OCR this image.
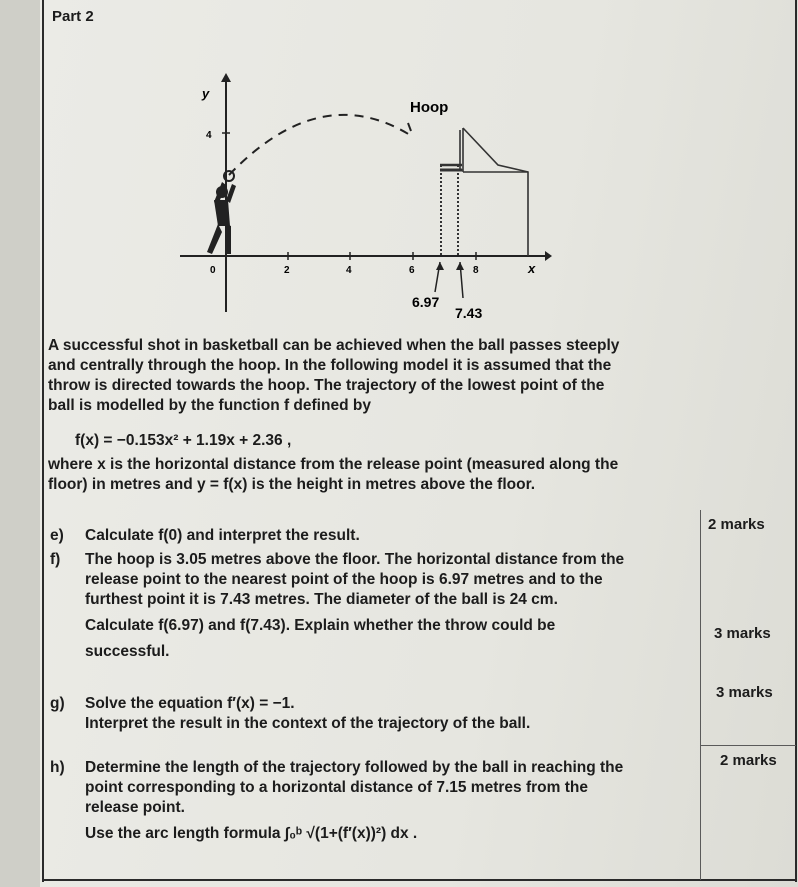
Part 2
y
x
4
0	2	4	6	8
Hoop
6.97
7.43
A successful shot in basketball can be achieved when the ball passes steeply
and centrally through the hoop. In the following model it is assumed that the
throw is directed towards the hoop. The trajectory of the lowest point of the
ball is modelled by the function f defined by
f(x) = −0.153x² + 1.19x + 2.36 ,
where x is the horizontal distance from the release point (measured along the
floor) in metres and y = f(x) is the height in metres above the floor.
e) Calculate f(0) and interpret the result.
2 marks
f) The hoop is 3.05 metres above the floor. The horizontal distance from the
release point to the nearest point of the hoop is 6.97 metres and to the
furthest point it is 7.43 metres. The diameter of the ball is 24 cm.
Calculate f(6.97) and f(7.43). Explain whether the throw could be
successful.
3 marks
g) Solve the equation f′(x) = −1.
Interpret the result in the context of the trajectory of the ball.
3 marks
h) Determine the length of the trajectory followed by the ball in reaching the
point corresponding to a horizontal distance of 7.15 metres from the
release point.
Use the arc length formula ∫₀ᵇ √(1+(f′(x))²) dx .
2 marks
